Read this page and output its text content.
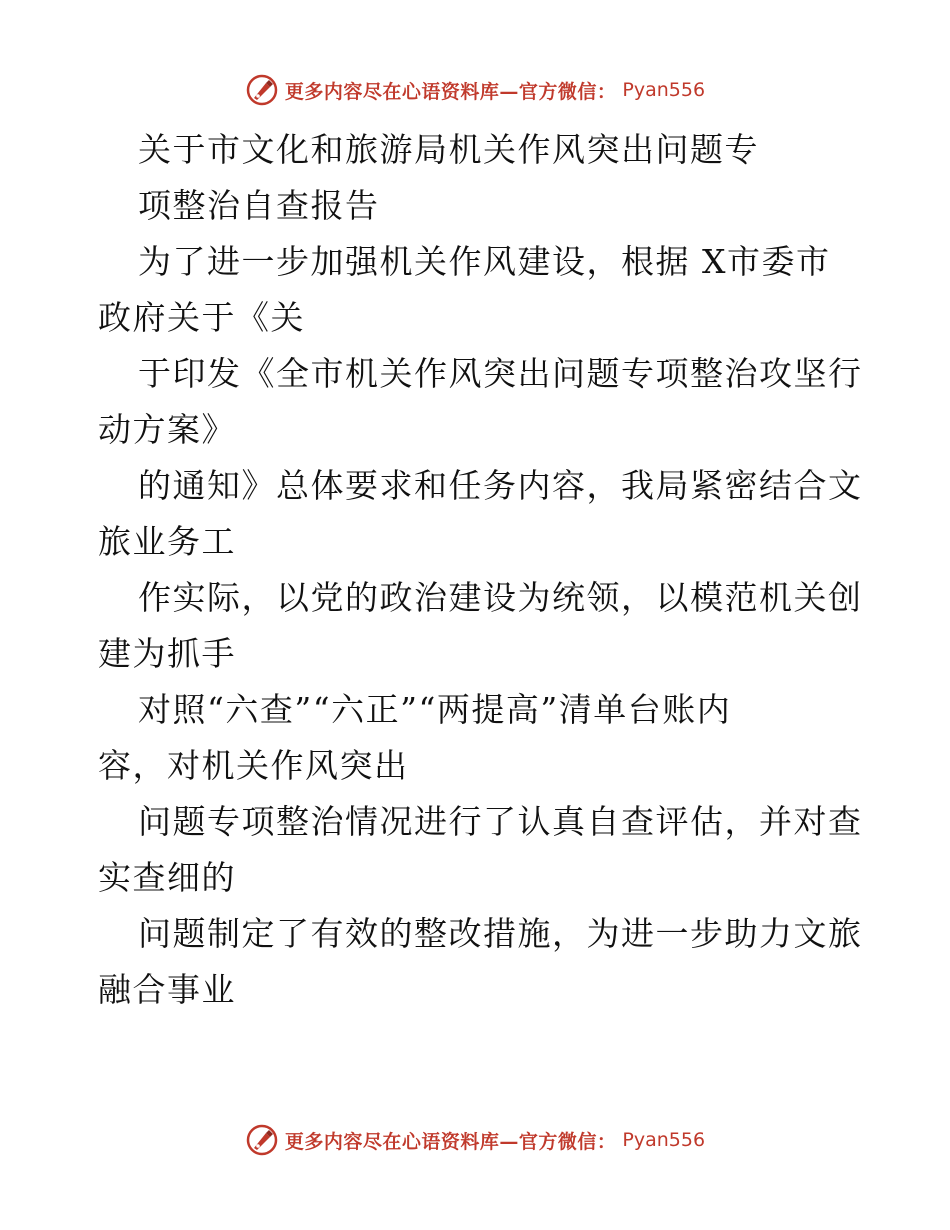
更多内容尽在心语资料库—官方微信： Pyan556
关于市文化和旅游局机关作风突出问题专
项整治自查报告
为了进一步加强机关作风建设，根据 X市委市
政府关于《关
于印发《全市机关作风突出问题专项整治攻坚行
动方案》
的通知》总体要求和任务内容，我局紧密结合文
旅业务工
作实际，以党的政治建设为统领，以模范机关创
建为抓手
对照“六查”“六正”“两提高”清单台账内
容，对机关作风突出
问题专项整治情况进行了认真自查评估，并对查
实查细的
问题制定了有效的整改措施，为进一步助力文旅
融合事业
更多内容尽在心语资料库—官方微信： Pyan556
